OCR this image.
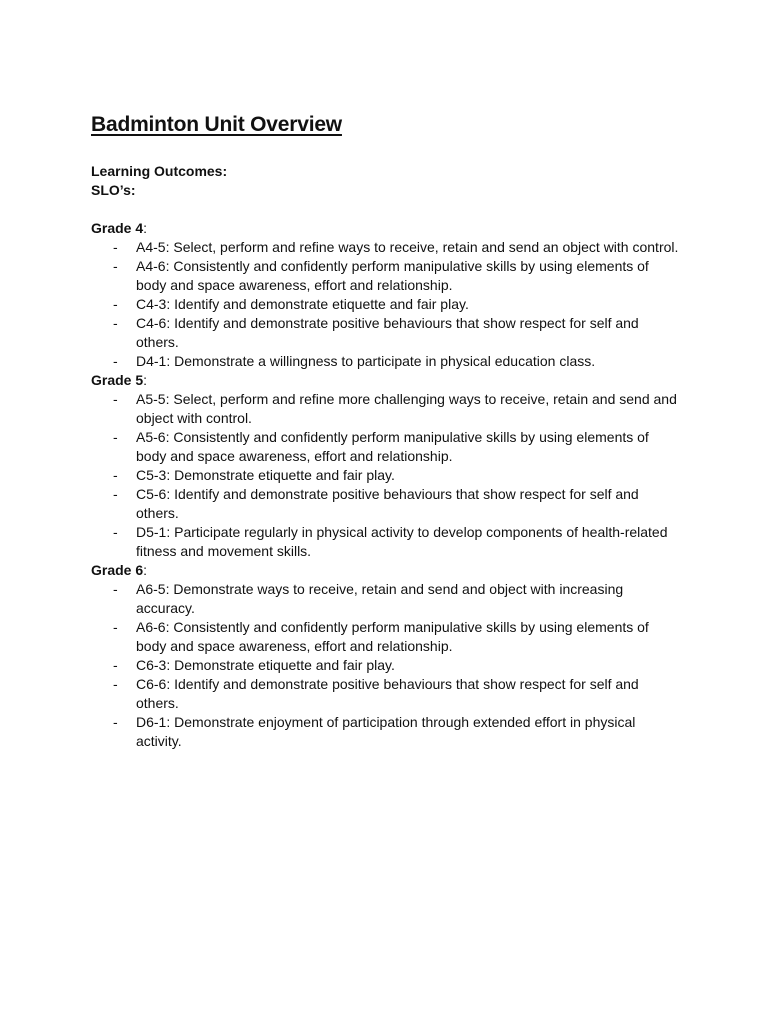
Badminton Unit Overview
Learning Outcomes:
SLO’s:
Grade 4:
- A4-5: Select, perform and refine ways to receive, retain and send an object with control.
- A4-6: Consistently and confidently perform manipulative skills by using elements of body and space awareness, effort and relationship.
- C4-3: Identify and demonstrate etiquette and fair play.
- C4-6: Identify and demonstrate positive behaviours that show respect for self and others.
- D4-1: Demonstrate a willingness to participate in physical education class.
Grade 5:
- A5-5: Select, perform and refine more challenging ways to receive, retain and send and object with control.
- A5-6: Consistently and confidently perform manipulative skills by using elements of body and space awareness, effort and relationship.
- C5-3: Demonstrate etiquette and fair play.
- C5-6: Identify and demonstrate positive behaviours that show respect for self and others.
- D5-1: Participate regularly in physical activity to develop components of health-related fitness and movement skills.
Grade 6:
- A6-5: Demonstrate ways to receive, retain and send and object with increasing accuracy.
- A6-6: Consistently and confidently perform manipulative skills by using elements of body and space awareness, effort and relationship.
- C6-3: Demonstrate etiquette and fair play.
- C6-6: Identify and demonstrate positive behaviours that show respect for self and others.
- D6-1: Demonstrate enjoyment of participation through extended effort in physical activity.
